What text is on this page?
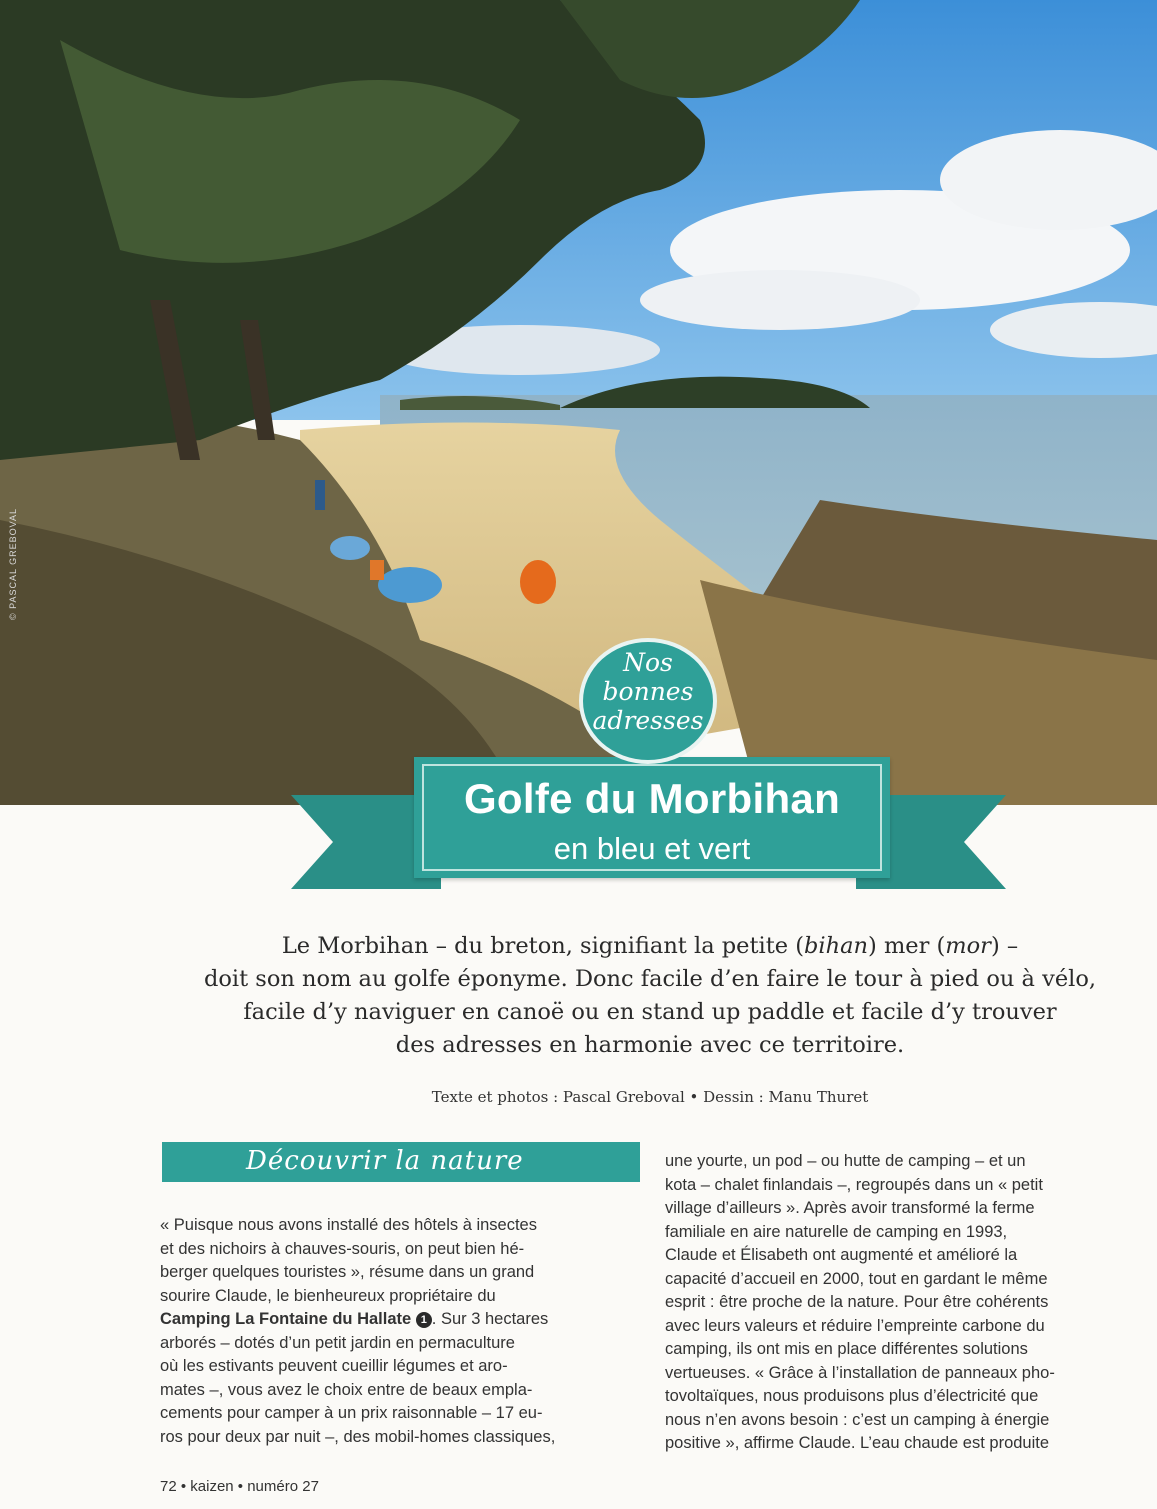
© PASCAL GREBOVAL
Golfe du Morbihan
en bleu et vert
Nos
bonnes
adresses

Le Morbihan – du breton, signifiant la petite (bihan) mer (mor) –

doit son nom au golfe éponyme. Donc facile d’en faire le tour à pied ou à vélo,

facile d’y naviguer en canoë ou en stand up paddle et facile d’y trouver

des adresses en harmonie avec ce territoire.

Texte et photos : Pascal Greboval • Dessin : Manu Thuret
Découvrir la nature

« Puisque nous avons installé des hôtels à insectes

et des nichoirs à chauves-souris, on peut bien hé-

berger quelques touristes », résume dans un grand

sourire Claude, le bienheureux propriétaire du

Camping La Fontaine du Hallate 1 . Sur 3 hectares

arborés – dotés d’un petit jardin en permaculture

où les estivants peuvent cueillir légumes et aro-

mates –, vous avez le choix entre de beaux empla-

cements pour camper à un prix raisonnable – 17 eu-

ros pour deux par nuit –, des mobil-homes classiques,

une yourte, un pod – ou hutte de camping – et un

kota – chalet finlandais –, regroupés dans un « petit

village d’ailleurs ». Après avoir transformé la ferme

familiale en aire naturelle de camping en 1993,

Claude et Élisabeth ont augmenté et amélioré la

capacité d’accueil en 2000, tout en gardant le même

esprit : être proche de la nature. Pour être cohérents

avec leurs valeurs et réduire l’empreinte carbone du

camping, ils ont mis en place différentes solutions

vertueuses. « Grâce à l’installation de panneaux pho-

tovoltaïques, nous produisons plus d’électricité que

nous n’en avons besoin : c’est un camping à énergie

positive », affirme Claude. L’eau chaude est produite

72 • kaizen • numéro 27
